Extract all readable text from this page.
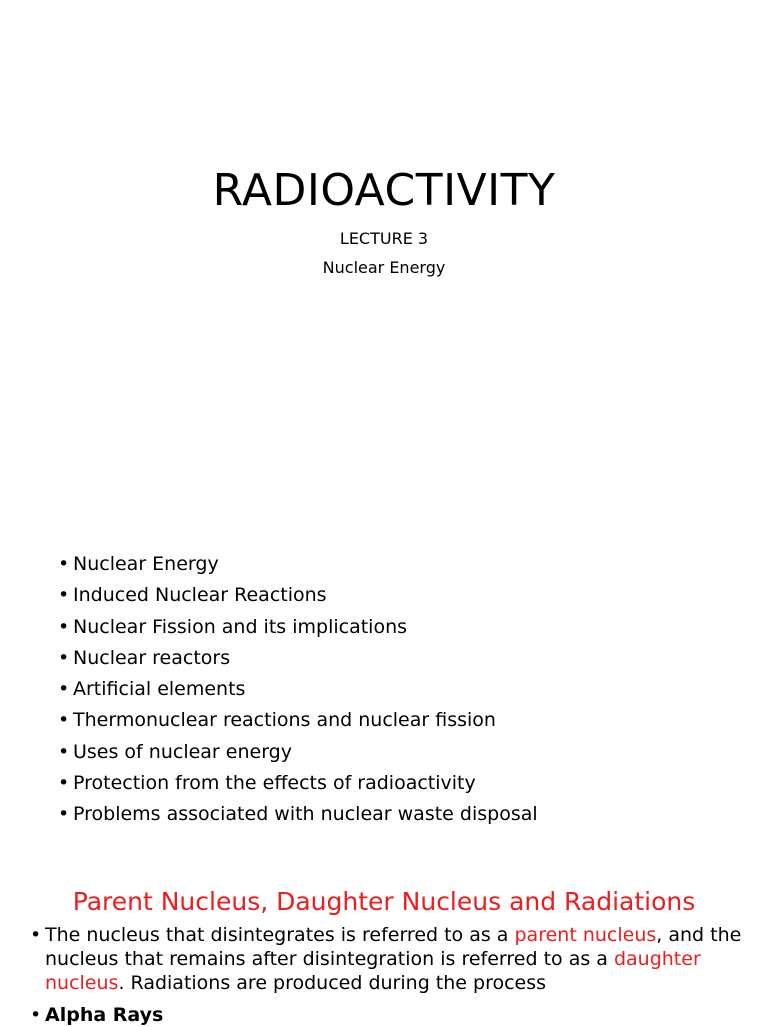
RADIOACTIVITY
LECTURE 3
Nuclear Energy
• Nuclear Energy
• Induced Nuclear Reactions
• Nuclear Fission and its implications
• Nuclear reactors
• Artificial elements
• Thermonuclear reactions and nuclear fission
• Uses of nuclear energy
• Protection from the effects of radioactivity
• Problems associated with nuclear waste disposal
Parent Nucleus, Daughter Nucleus and Radiations

• The nucleus that disintegrates is referred to as a parent nucleus, and the nucleus that remains after disintegration is referred to as a daughter nucleus. Radiations are produced during the process

• Alpha Rays
